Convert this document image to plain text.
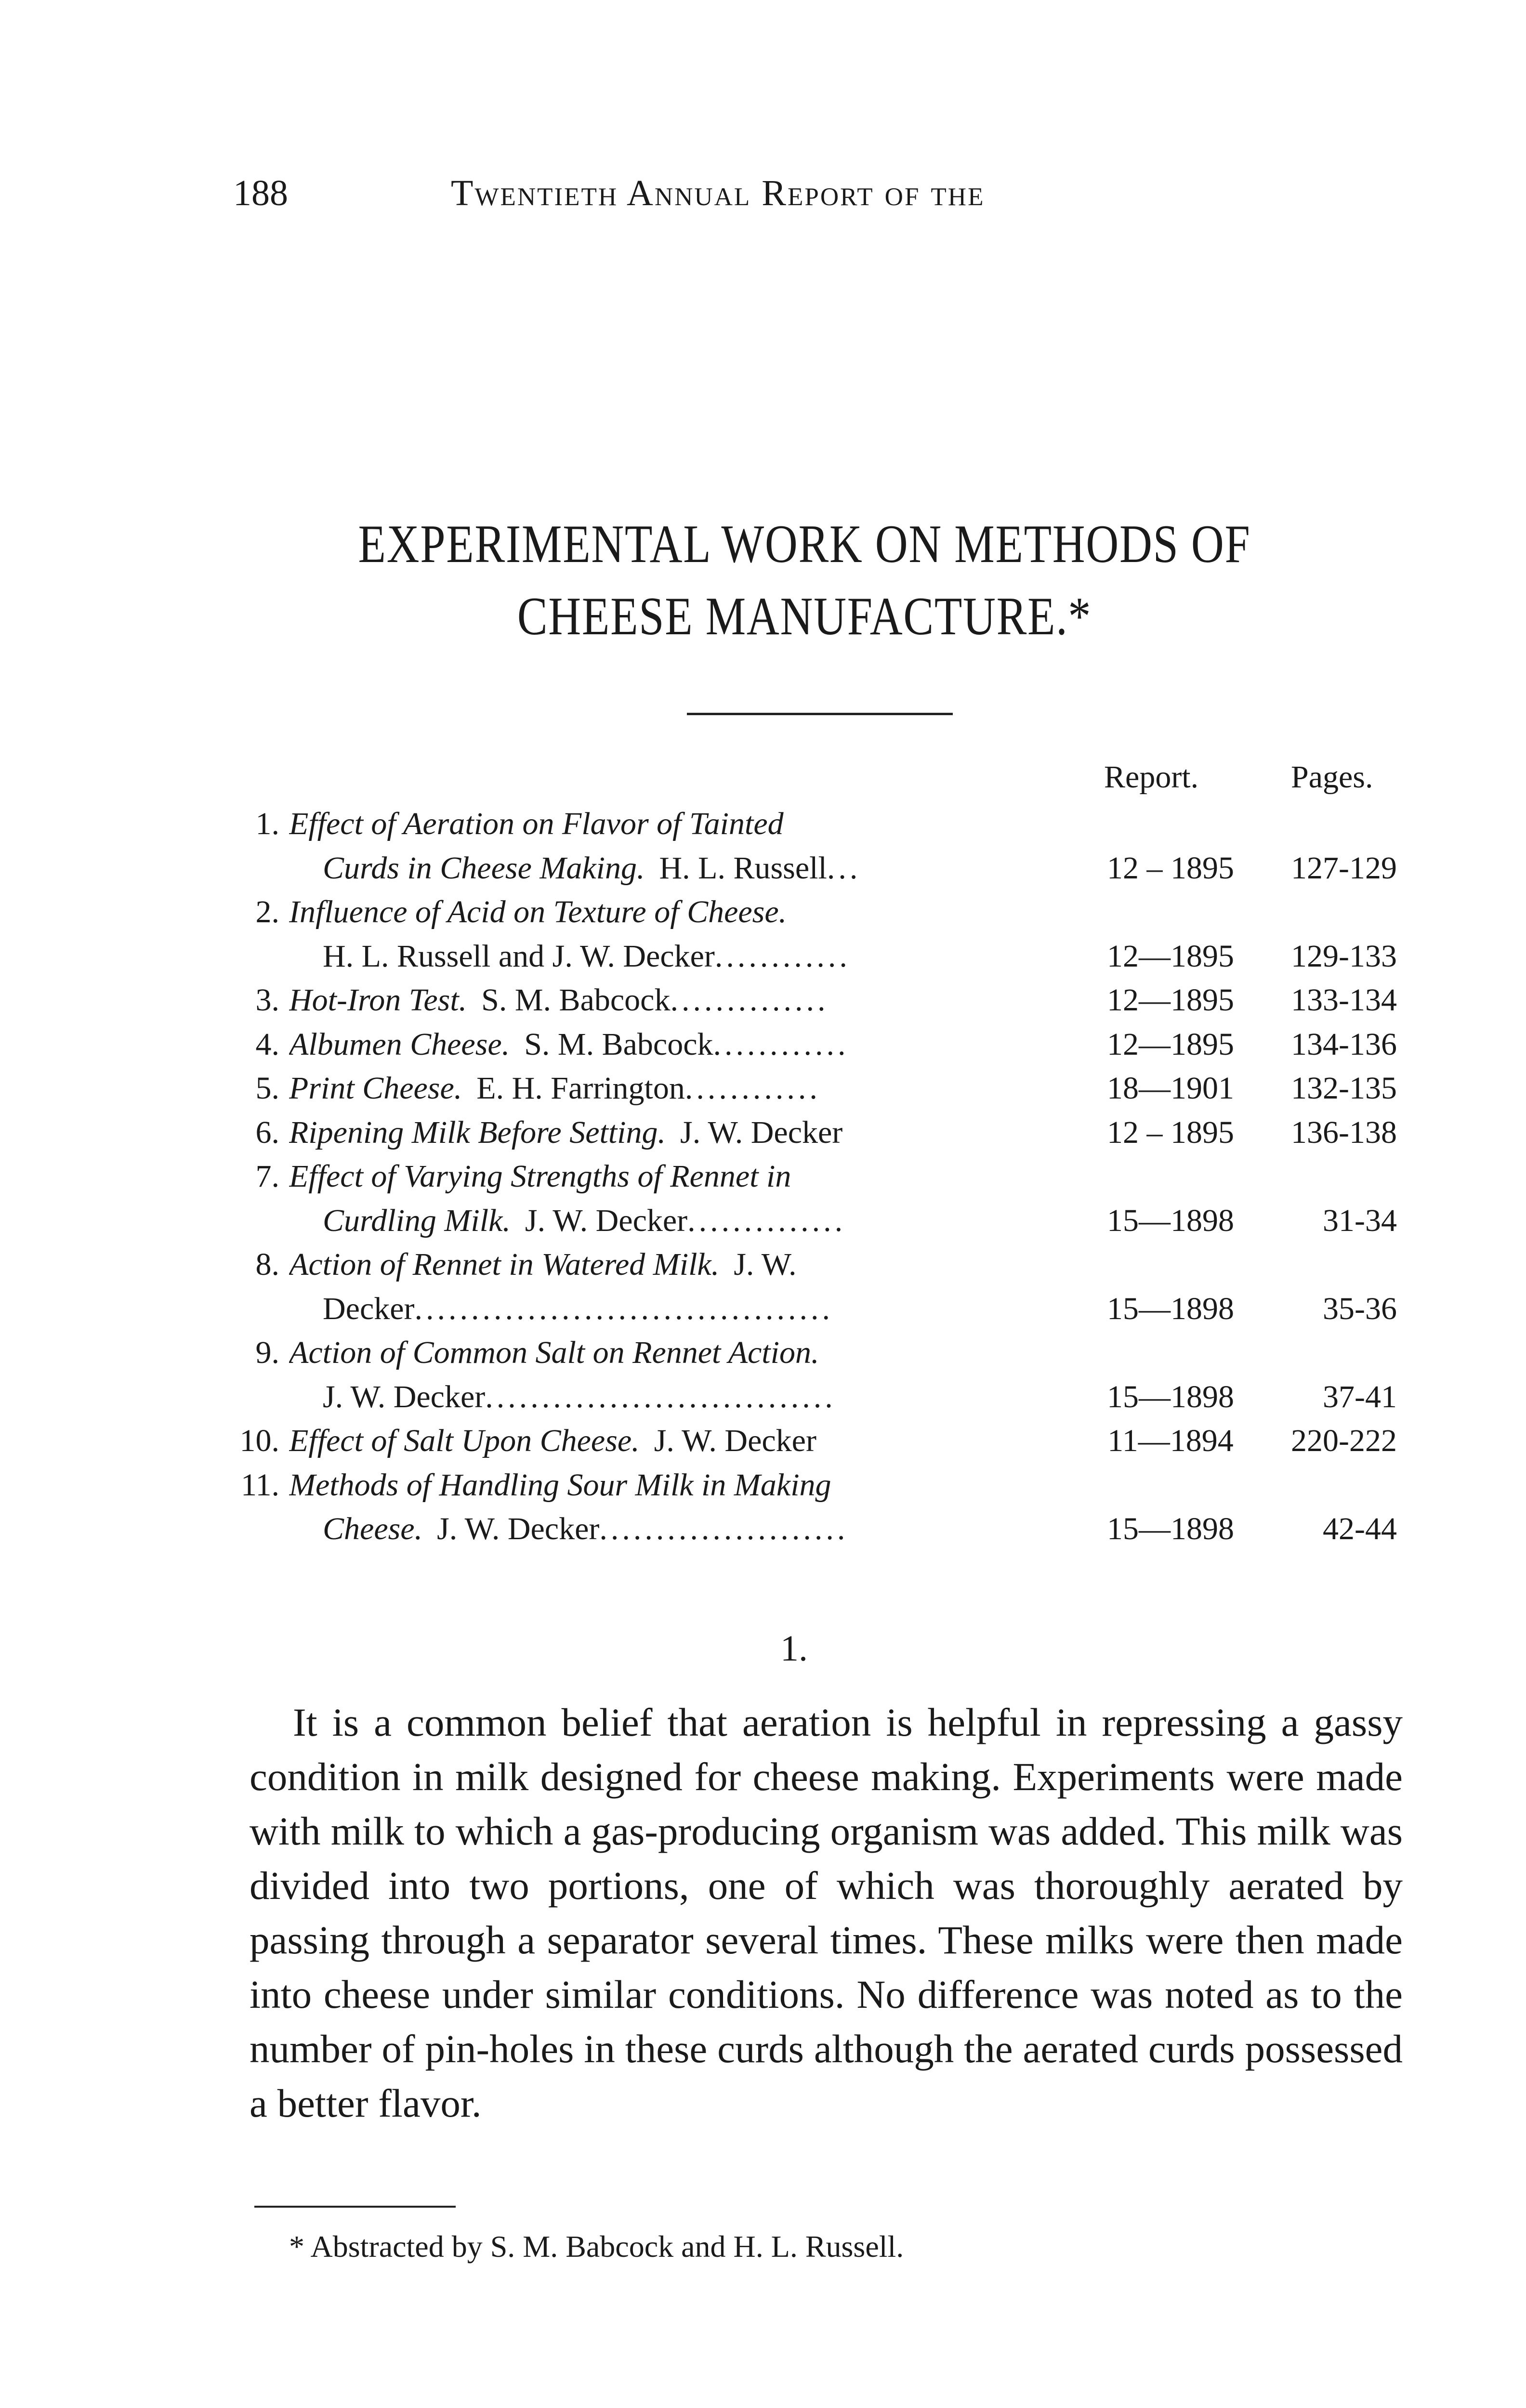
188	Twentieth Annual Report of the
EXPERIMENTAL WORK ON METHODS OF CHEESE MANUFACTURE.*
Report.	Pages.
1. Effect of Aeration on Flavor of Tainted
Curds in Cheese Making. H. L. Russell ...	12 – 1895	127-129
2. Influence of Acid on Texture of Cheese.
H. L. Russell and J. W. Decker ............	12—1895	129-133
3. Hot-Iron Test. S. M. Babcock ..............	12—1895	133-134
4. Albumen Cheese. S. M. Babcock ............	12—1895	134-136
5. Print Cheese. E. H. Farrington ............	18—1901	132-135
6. Ripening Milk Before Setting. J. W. Decker	12 – 1895	136-138
7. Effect of Varying Strengths of Rennet in
Curdling Milk. J. W. Decker ..............	15—1898	31-34
8. Action of Rennet in Watered Milk. J. W.
Decker .....................................	15—1898	35-36
9. Action of Common Salt on Rennet Action.
J. W. Decker ...............................	15—1898	37-41
10. Effect of Salt Upon Cheese. J. W. Decker	11—1894	220-222
11. Methods of Handling Sour Milk in Making
Cheese. J. W. Decker ......................	15—1898	42-44
1.

It is a common belief that aeration is helpful in repressing a gassy condition in milk designed for cheese making. Experiments were made with milk to which a gas-producing organism was added. This milk was divided into two portions, one of which was thoroughly aerated by passing through a separator several times. These milks were then made into cheese under similar conditions. No difference was noted as to the number of pin-holes in these curds although the aerated curds possessed a better flavor.

* Abstracted by S. M. Babcock and H. L. Russell.
